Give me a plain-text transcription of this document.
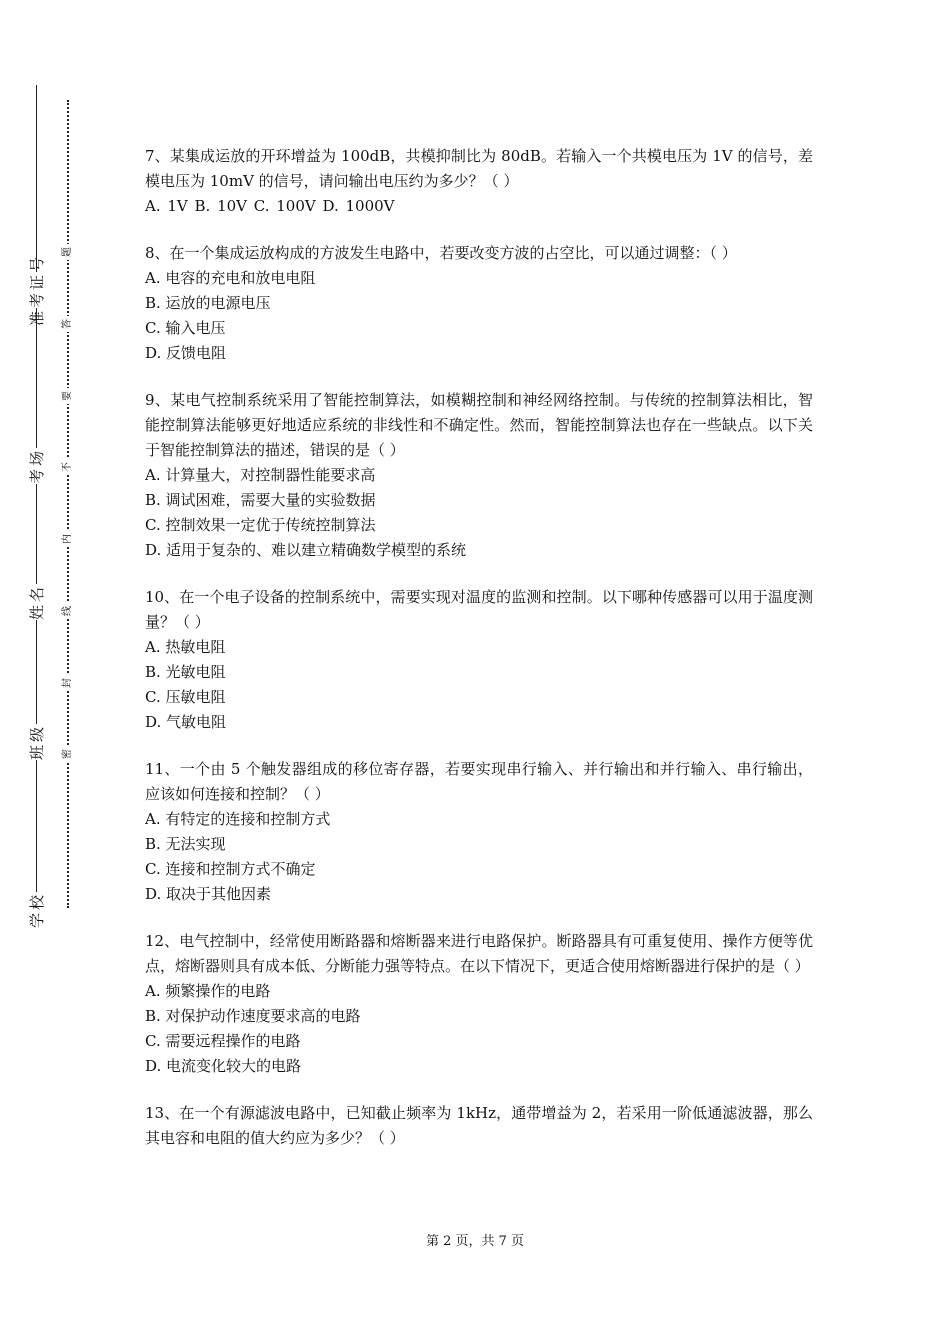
准考证号
考场
姓名
班级
学校
题
答
要
不
内
线
封
密

7、某集成运放的开环增益为 100dB，共模抑制比为 80dB。若输入一个共模电压为 1V 的信号，差模电压为 10mV 的信号，请问输出电压约为多少？（ ）

A. 1V B. 10V C. 100V D. 1000V

8、在一个集成运放构成的方波发生电路中，若要改变方波的占空比，可以通过调整：（ ）

A. 电容的充电和放电电阻

B. 运放的电源电压

C. 输入电压

D. 反馈电阻

9、某电气控制系统采用了智能控制算法，如模糊控制和神经网络控制。与传统的控制算法相比，智能控制算法能够更好地适应系统的非线性和不确定性。然而，智能控制算法也存在一些缺点。以下关于智能控制算法的描述，错误的是（ ）

A. 计算量大，对控制器性能要求高

B. 调试困难，需要大量的实验数据

C. 控制效果一定优于传统控制算法

D. 适用于复杂的、难以建立精确数学模型的系统

10、在一个电子设备的控制系统中，需要实现对温度的监测和控制。以下哪种传感器可以用于温度测量？（ ）

A. 热敏电阻

B. 光敏电阻

C. 压敏电阻

D. 气敏电阻

11、一个由 5 个触发器组成的移位寄存器，若要实现串行输入、并行输出和并行输入、串行输出，应该如何连接和控制？（ ）

A. 有特定的连接和控制方式

B. 无法实现

C. 连接和控制方式不确定

D. 取决于其他因素

12、电气控制中，经常使用断路器和熔断器来进行电路保护。断路器具有可重复使用、操作方便等优点，熔断器则具有成本低、分断能力强等特点。在以下情况下，更适合使用熔断器进行保护的是（ ）

A. 频繁操作的电路

B. 对保护动作速度要求高的电路

C. 需要远程操作的电路

D. 电流变化较大的电路

13、在一个有源滤波电路中，已知截止频率为 1kHz，通带增益为 2，若采用一阶低通滤波器，那么其电容和电阻的值大约应为多少？（ ）

第 2 页，共 7 页
